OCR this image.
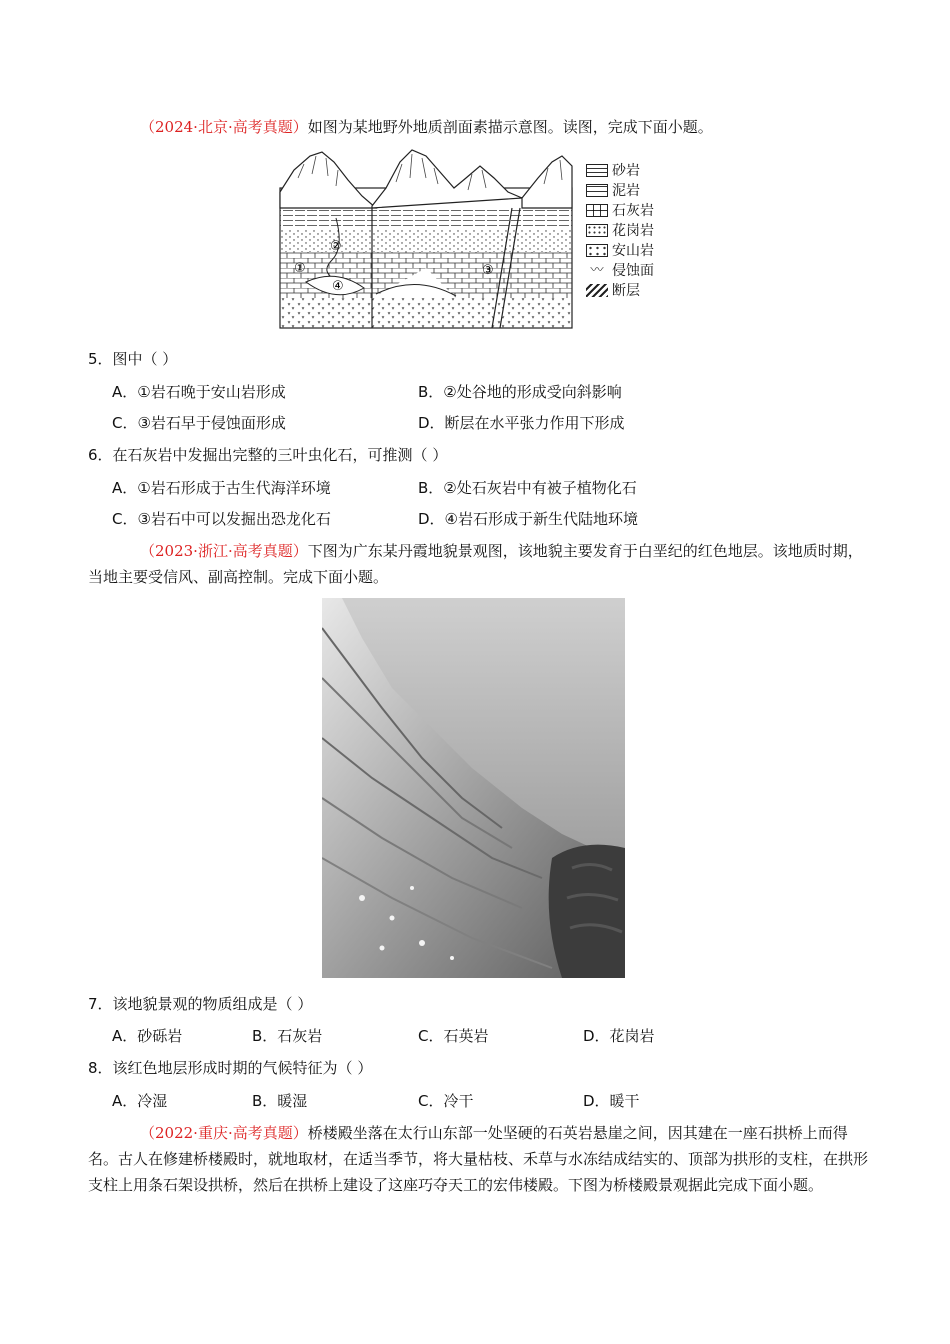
（2024·北京·高考真题）如图为某地野外地质剖面素描示意图。读图，完成下面小题。
①
②
③
④
砂岩
泥岩
石灰岩
花岗岩
安山岩
〰 侵蚀面
断层
5．图中（ ）
A．①岩石晚于安山岩形成	B．②处谷地的形成受向斜影响
C．③岩石早于侵蚀面形成	D．断层在水平张力作用下形成
6．在石灰岩中发掘出完整的三叶虫化石，可推测（ ）
A．①岩石形成于古生代海洋环境	B．②处石灰岩中有被子植物化石
C．③岩石中可以发掘出恐龙化石	D．④岩石形成于新生代陆地环境
（2023·浙江·高考真题）下图为广东某丹霞地貌景观图，该地貌主要发育于白垩纪的红色地层。该地质时期，当地主要受信风、副高控制。完成下面小题。
7．该地貌景观的物质组成是（ ）
A．砂砾岩	B．石灰岩	C．石英岩	D．花岗岩
8．该红色地层形成时期的气候特征为（ ）
A．冷湿	B．暖湿	C．冷干	D．暖干
（2022·重庆·高考真题）桥楼殿坐落在太行山东部一处坚硬的石英岩悬崖之间，因其建在一座石拱桥上而得名。古人在修建桥楼殿时，就地取材，在适当季节，将大量枯枝、禾草与水冻结成结实的、顶部为拱形的支柱，在拱形支柱上用条石架设拱桥，然后在拱桥上建设了这座巧夺天工的宏伟楼殿。下图为桥楼殿景观据此完成下面小题。
